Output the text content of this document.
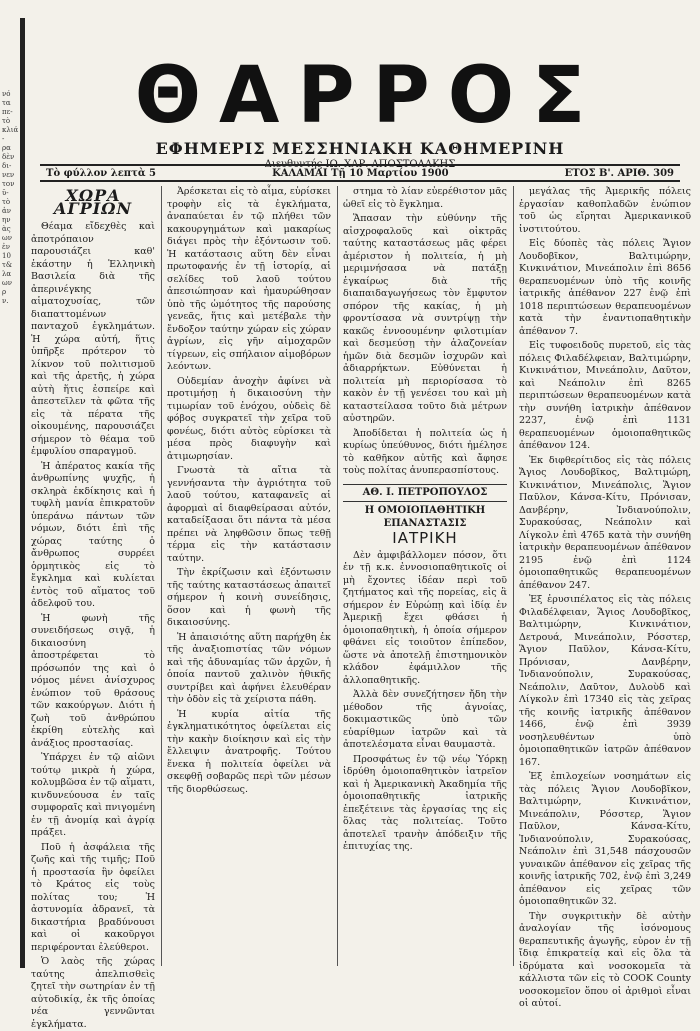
νό
τα
πε-
τὸ
κλιά-
ρα
δὲν
δι-
νεν
τον
ῦ-
τὸ
ἀν
ην
ὰς
ων
ἐν
10
τ&
λα
ων
ρ
ν.
ΘΑΡΡΟΣ
ΕΦΗΜΕΡΙΣ ΜΕΣΣΗΝΙΑΚΗ ΚΑΘΗΜΕΡΙΝΗ
Διευθυντής ΙΩ. ΧΑΡ. ΑΠΟΣΤΟΛΑΚΗΣ
Τὸ φύλλον λεπτὰ 5	ΚΑΛΑΜΑΙ Τῇ 10 Μαρτίου 1900	ΕΤΟΣ Β'. ΑΡΙΘ. 309
ΧΩΡΑ ΑΓΡΙΩΝ

Θέαμα εἴδεχθὲς καὶ ἀποτρόπαιον παρουσιάζει καθ' ἑκάστην ἡ Ἑλληνικὴ Βασιλεία διὰ τῆς ἀπερινέγκης αἱματοχυσίας, τῶν διαπαττομένων πανταχοῦ ἐγκλημάτων. Ἡ χώρα αὐτή, ἥτις ὑπῆρξε πρότερον τὸ λίκνον τοῦ πολιτισμοῦ καὶ τῆς ἀρετῆς, ἡ χώρα αὐτὴ ἥτις ἐσπείρε καὶ ἀπεστεῖλεν τὰ φῶτα τῆς εἰς τὰ πέρατα τῆς οἰκουμένης, παρουσιάζει σήμερον τὸ θέαμα τοῦ ἐμφυλίου σπαραγμοῦ.

Ἡ ἀπέρατος κακία τῆς ἀνθρωπίνης ψυχῆς, ἡ σκληρὰ ἐκδίκησις καὶ ἡ τυφλὴ μανία ἐπικρατοῦν ὑπεράνω πάντων τῶν νόμων, διότι ἐπὶ τῆς χώρας ταύτης ὁ ἄνθρωπος συρρέει ὁρμητικὸς εἰς τὸ ἔγκλημα καὶ κυλίεται ἐντὸς τοῦ αἵματος τοῦ ἀδελφοῦ του.

Ἡ φωνὴ τῆς συνειδήσεως σιγᾷ, ἡ δικαιοσύνη ἀποστρέφεται τὸ πρόσωπόν της καὶ ὁ νόμος μένει ἀνίσχυρος ἐνώπιον τοῦ θράσους τῶν κακούργων. Διότι ἡ ζωὴ τοῦ ἀνθρώπου ἐκρίθη εὐτελὴς καὶ ἀνάξιος προστασίας.

Ὑπάρχει ἐν τῷ αἰῶνι τούτῳ μικρὰ ἡ χώρα, κολυμβῶσα ἐν τῷ αἵματι, κινδυνεύουσα ἐν ταῖς συμφοραῖς καὶ πνιγομένη ἐν τῇ ἀνομίᾳ καὶ ἀγρίᾳ πράξει.

Ποῦ ἡ ἀσφάλεια τῆς ζωῆς καὶ τῆς τιμῆς; Ποῦ ἡ προστασία ἣν ὀφείλει τὸ Κράτος εἰς τοὺς πολίτας του; Ἡ ἀστυνομία ἀδρανεῖ, τὰ δικαστήρια βραδύνουσι καὶ οἱ κακοῦργοι περιφέρονται ἐλεύθεροι.

Ὁ λαὸς τῆς χώρας ταύτης ἀπελπισθεὶς ζητεῖ τὴν σωτηρίαν ἐν τῇ αὐτοδικίᾳ, ἐκ τῆς ὁποίας νέα γεννῶνται ἐγκλήματα.

Ἀρέσκεται εἰς τὸ αἷμα, εὑρίσκει τροφὴν εἰς τὰ ἐγκλήματα, ἀναπαύεται ἐν τῷ πλήθει τῶν κακουργημάτων καὶ μακαρίως διάγει πρὸς τὴν ἐξόντωσιν τοῦ. Ἡ κατάστασις αὕτη δὲν εἶναι πρωτοφανής ἐν τῇ ἱστορίᾳ, αἱ σελίδες τοῦ λαοῦ τούτου ἀπεσιώπησαν καὶ ἠμαυρώθησαν ὑπὸ τῆς ὠμότητος τῆς παρούσης γενεᾶς, ἥτις καὶ μετέβαλε τὴν ἔνδοξον ταύτην χώραν εἰς χώραν ἀγρίων, εἰς γῆν αἱμοχαρῶν τίγρεων, εἰς σπήλαιον αἱμοβόρων λεόντων.

Οὐδεμίαν ἀνοχὴν ἀφίνει νὰ προτιμήσῃ ἡ δικαιοσύνη τὴν τιμωρίαν τοῦ ἐνόχου, οὐδεὶς δὲ φόβος συγκρατεῖ τὴν χεῖρα τοῦ φονέως, διότι αὐτὸς εὑρίσκει τὰ μέσα πρὸς διαφυγὴν καὶ ἀτιμωρησίαν.

Γνωστὰ τὰ αἴτια τὰ γεννήσαντα τὴν ἀγριότητα τοῦ λαοῦ τούτου, καταφανεῖς αἱ ἀφορμαὶ αἱ διαφθείρασαι αὐτόν, καταδείξασαι ὅτι πάντα τὰ μέσα πρέπει νὰ ληφθῶσιν ὅπως τεθῇ τέρμα εἰς τὴν κατάστασιν ταύτην.

Τὴν ἐκρίζωσιν καὶ ἐξόντωσιν τῆς ταύτης καταστάσεως ἀπαιτεῖ σήμερον ἡ κοινὴ συνείδησις, ὅσον καὶ ἡ φωνὴ τῆς δικαιοσύνης.

Ἡ ἀπαισιότης αὕτη παρήχθη ἐκ τῆς ἀναξιοπιστίας τῶν νόμων καὶ τῆς ἀδυναμίας τῶν ἀρχῶν, ἡ ὁποία παντοῦ χαλινὸν ἠθικῆς συντρίβει καὶ ἀφήνει ἐλευθέραν τὴν ὁδὸν εἰς τὰ χείριστα πάθη.

Ἡ κυρία αἰτία τῆς ἐγκληματικότητος ὀφείλεται εἰς τὴν κακὴν διοίκησιν καὶ εἰς τὴν ἔλλειψιν ἀνατροφῆς. Τούτου ἕνεκα ἡ πολιτεία ὀφείλει νὰ σκεφθῇ σοβαρῶς περὶ τῶν μέσων τῆς διορθώσεως.

στημα τὸ λίαν εὐερέθιστον μᾶς ὠθεῖ εἰς τὸ ἔγκλημα.

Ἅπασαν τὴν εὐθύνην τῆς αἰσχροφαλοῦς καὶ οἰκτρᾶς ταύτης καταστάσεως μᾶς φέρει ἀμέριστον ἡ πολιτεία, ἡ μὴ μεριμνήσασα νὰ πατάξῃ ἐγκαίρως διὰ τῆς διαπαιδαγωγήσεως τὸν ἔμφυτον σπόρον τῆς κακίας, ἡ μὴ φροντίσασα νὰ συντρίψῃ τὴν κακῶς ἐννοουμένην φιλοτιμίαν καὶ δεσμεύσῃ τὴν ἀλαζονείαν ἡμῶν διὰ δεσμῶν ἰσχυρῶν καὶ ἀδιαρρήκτων. Εὐθύνεται ἡ πολιτεία μὴ περιορίσασα τὸ κακὸν ἐν τῇ γενέσει του καὶ μὴ καταστείλασα τοῦτο διὰ μέτρων αὐστηρῶν.

Ἀποδίδεται ἡ πολιτεία ὡς ἡ κυρίως ὑπεύθυνος, διότι ἠμέλησε τὸ καθῆκον αὐτῆς καὶ ἄφησε τοὺς πολίτας ἀνυπερασπίστους.

ΑΘ. Ι. ΠΕΤΡΟΠΟΥΛΟΣ
Η ΟΜΟΙΟΠΑΘΗΤΙΚΗ ΕΠΑΝΑΣΤΑΣΙΣ
ΙΑΤΡΙΚΗ

Δὲν ἀμφιβάλλομεν πόσον, ὅτι ἐν τῇ κ.κ. ἐννοσιοπαθητικοῖς οἱ μὴ ἔχοντες ἰδέαν περὶ τοῦ ζητήματος καὶ τῆς πορείας, εἰς ἃ σήμερον ἐν Εὐρώπῃ καὶ ἰδίᾳ ἐν Ἀμερικῇ ἔχει φθάσει ἡ ὁμοιοπαθητικὴ, ἡ ὁποία σήμερον φθάνει εἰς τοιοῦτον ἐπίπεδον, ὥστε νὰ ἀποτελῇ ἐπιστημονικὸν κλάδον ἐφάμιλλον τῆς ἀλλοπαθητικῆς.

Ἀλλὰ δὲν συνεζήτησεν ἤδη τὴν μέθοδον τῆς ἀγνοίας, δοκιμαστικῶς ὑπὸ τῶν εὐαρίθμων ἰατρῶν καὶ τὰ ἀποτελέσματα εἶναι θαυμαστὰ.

Προσφάτως ἐν τῷ νέῳ Ὑόρκῃ ἱδρύθη ὁμοιοπαθητικὸν ἰατρεῖον καὶ ἡ Ἀμερικανικὴ Ἀκαδημία τῆς ὁμοιοπαθητικῆς ἰατρικῆς ἐπεξέτεινε τὰς ἐργασίας της εἰς ὅλας τὰς πολιτείας. Τοῦτο ἀποτελεῖ τρανὴν ἀπόδειξιν τῆς ἐπιτυχίας της.

μεγάλας τῆς Ἀμερικῆς πόλεις ἐργασίαν καθοπλαδῶν ἐνώπιον τοῦ ὡς εἴρηται Ἀμερικανικοῦ ἰνστιτούτου.

Εἰς δύοπὲς τὰς πόλεις Ἄγιον Λουδοβῖκον, Βαλτιμώρην, Κινκινάτιον, Μινεάπολιν ἐπὶ 8656 θεραπευομένων ὑπὸ τῆς κοινῆς ἰατρικῆς ἀπέθανον 227 ἐνῷ ἐπὶ 1018 περιπτώσεων θεραπευομένων κατὰ τὴν ἐναντιοπαθητικὴν ἀπέθανον 7.

Εἰς τυφοειδοῦς πυρετοῦ, εἰς τὰς πόλεις Φιλαδέλφειαν, Βαλτιμώρην, Κινκινάτιον, Μινεάπολιν, Δαῦτον, καὶ Νεάπολιν ἐπὶ 8265 περιπτώσεων θεραπευομένων κατὰ τὴν συνήθη ἰατρικὴν ἀπέθανον 2237, ἐνῷ ἐπὶ 1131 θεραπευομένων ὁμοιοπαθητικῶς ἀπέθανον 124.

Ἐκ διφθερίτιδος εἰς τὰς πόλεις Ἄγιος Λουδοβῖκος, Βαλτιμώρη, Κινκινάτιον, Μινεάπολις, Ἅγιον Παῦλον, Κάνσα-Κίτυ, Πρόνισαν, Δανβέρην, Ἰνδιανούπολιν, Συρακούσας, Νεάπολιν καὶ Λίγκολν ἐπὶ 4765 κατὰ τὴν συνήθη ἰατρικὴν θεραπευομένων ἀπέθανον 2195 ἐνῷ ἐπὶ 1124 ὁμοιοπαθητικῶς θεραπευομένων ἀπέθανον 247.

Ἐξ ἐρυσιπέλατος εἰς τὰς πόλεις Φιλαδέλφειαν, Ἅγιος Λουδοβῖκος, Βαλτιμώρην, Κινκινάτιον, Δετρουά, Μινεάπολιν, Ρόσστερ, Ἅγιον Παῦλον, Κάνσα-Κίτυ, Πρόνισαν, Δανβέρην, Ἰνδιανούπολιν, Συρακούσας, Νεάπολιν, Δαῦτον, Δυλοὺδ καὶ Λίγκολν ἐπὶ 17340 εἰς τὰς χεῖρας τῆς κοινῆς ἰατρικῆς ἀπέθανον 1466, ἐνῷ ἐπὶ 3939 νοσηλευθέντων ὑπὸ ὁμοιοπαθητικῶν ἰατρῶν ἀπέθανον 167.

Ἐξ ἐπιλοχείων νοσημάτων εἰς τὰς πόλεις Ἅγιον Λουδοβῖκον, Βαλτιμώρην, Κινκινάτιον, Μινεάπολιν, Ρόσστερ, Ἅγιον Παῦλον, Κάνσα-Κίτυ, Ἰνδιανούπολιν, Συρακούσας, Νεάπολιν ἐπὶ 31,548 πάσχουσῶν γυναικῶν ἀπέθανον εἰς χεῖρας τῆς κοινῆς ἰατρικῆς 702, ἐνῷ ἐπὶ 3,249 ἀπέθανον εἰς χεῖρας τῶν ὁμοιοπαθητικῶν 32.

Τὴν συγκριτικὴν δὲ αὐτὴν ἀναλογίαν τῆς ἰσόνομους θεραπευτικῆς ἀγωγῆς, εὑρον ἐν τῇ ἴδιᾳ ἐπικρατείᾳ καὶ εἰς ὅλα τὰ ἰδρύματα καὶ νοσοκομεῖα τὰ κάλλιστα τῶν εἰς τὸ COOK County νοσοκομεῖον ὅπου οἱ ἀριθμοὶ εἶναι οἱ αὐτοί.
